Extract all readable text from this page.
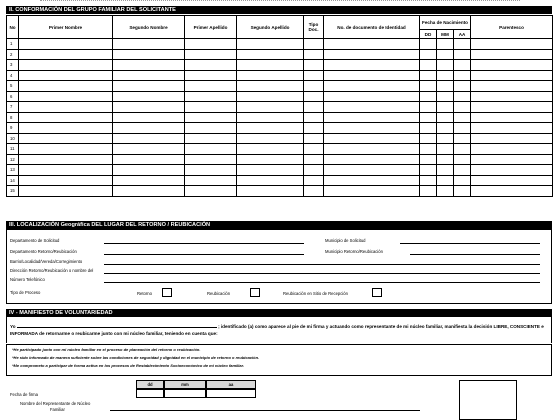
II. CONFORMACIÓN DEL GRUPO FAMILIAR DEL SOLICITANTE
No	Primer Nombre	Segundo Nombre	Primer Apellido	Segundo Apellido	Tipo Doc.	No. de documento de Identidad	Fecha de Nacimiento			Parentesco
							DD	MM	AA	
1										
2										
3										
4										
5										
6										
7										
8										
9										
10										
11										
12										
13										
14										
15										
III. LOCALIZACIÓN Geográfica DEL LUGAR DEL RETORNO / REUBICACIÓN
Departamento de Solicitud	Municipio de Solicitud
Departamento Retorno/Reubicación	Municipio Retorno/Reubicación
Barrio/Localidad/Vereda/Corregimiento
Dirección Retorno/Reubicación o nombre del
Número Telefónico
Tipo de Proceso	Retorno	Reubicación	Reubicación en Sitio de Recepción
IV - MANIFIESTO DE VOLUNTARIEDAD
Yo	; identificado (a) como aparece al pie de mi firma y actuando como representante de mi núcleo familiar, manifiesta la decisión LIBRE, CONSCIENTE e INFORMADA de retornarme o reubicarme junto con mi núcleo familiar, teniendo en cuenta que:
*He participado junto con mi núcleo familiar en el proceso de planeación del retorno o reubicación.
*He sido informado de manera suficiente sobre las condiciones de seguridad y dignidad en el municipio de retorno o reubicación.
*Me comprometo a participar de forma activa en los procesos de Restablecimiento Socioeconómico de mi núcleo familiar.
dd	mm	aa
Fecha de firma
Nombre del Representante de Núcleo
Familiar
